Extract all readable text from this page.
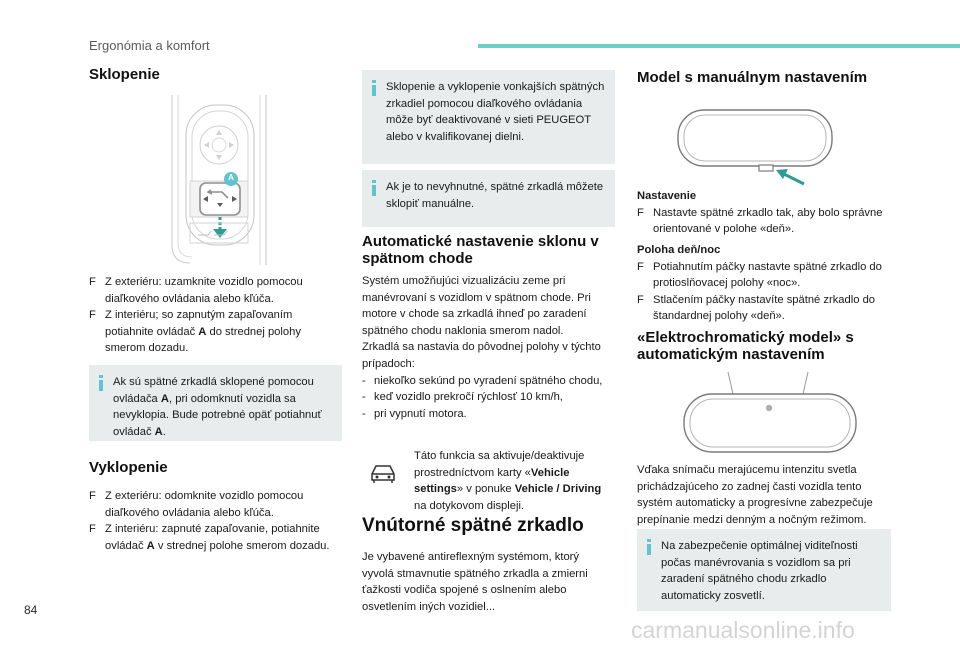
Ergonómia a komfort
Sklopenie
A
F Z exteriéru: uzamknite vozidlo pomocou diaľkového ovládania alebo kľúča.
F Z interiéru; so zapnutým zapaľovaním potiahnite ovládač A do strednej polohy smerom dozadu.
Ak sú spätné zrkadlá sklopené pomocou ovládača A, pri odomknutí vozidla sa nevyklopia. Bude potrebné opäť potiahnuť ovládač A.
Vyklopenie
F Z exteriéru: odomknite vozidlo pomocou diaľkového ovládania alebo kľúča.
F Z interiéru: zapnuté zapaľovanie, potiahnite ovládač A v strednej polohe smerom dozadu.
Sklopenie a vyklopenie vonkajších spätných zrkadiel pomocou diaľkového ovládania môže byť deaktivované v sieti PEUGEOT alebo v kvalifikovanej dielni.
Ak je to nevyhnutné, spätné zrkadlá môžete sklopiť manuálne.
Automatické nastavenie sklonu v spätnom chode
Systém umožňujúci vizualizáciu zeme pri manévrovaní s vozidlom v spätnom chode. Pri motore v chode sa zrkadlá ihneď po zaradení spätného chodu naklonia smerom nadol.
Zrkadlá sa nastavia do pôvodnej polohy v týchto prípadoch:
- niekoľko sekúnd po vyradení spätného chodu,
- keď vozidlo prekročí rýchlosť 10 km/h,
- pri vypnutí motora.
Táto funkcia sa aktivuje/deaktivuje prostredníctvom karty «Vehicle settings» v ponuke Vehicle / Driving na dotykovom displeji.
Vnútorné spätné zrkadlo
Je vybavené antireflexným systémom, ktorý vyvolá stmavnutie spätného zrkadla a zmierni ťažkosti vodiča spojené s oslnením alebo osvetlením iných vozidiel...
Model s manuálnym nastavením
Nastavenie
F Nastavte spätné zrkadlo tak, aby bolo správne orientované v polohe «deň».
Poloha deň/noc
F Potiahnutím páčky nastavte spätné zrkadlo do protioslňovacej polohy «noc».
F Stlačením páčky nastavíte spätné zrkadlo do štandardnej polohy «deň».
«Elektrochromatický model» s automatickým nastavením
Vďaka snímaču merajúcemu intenzitu svetla prichádzajúceho zo zadnej časti vozidla tento systém automaticky a progresívne zabezpečuje prepínanie medzi denným a nočným režimom.
Na zabezpečenie optimálnej viditeľnosti počas manévrovania s vozidlom sa pri zaradení spätného chodu zrkadlo automaticky zosvetlí.
84
carmanualsonline.info
